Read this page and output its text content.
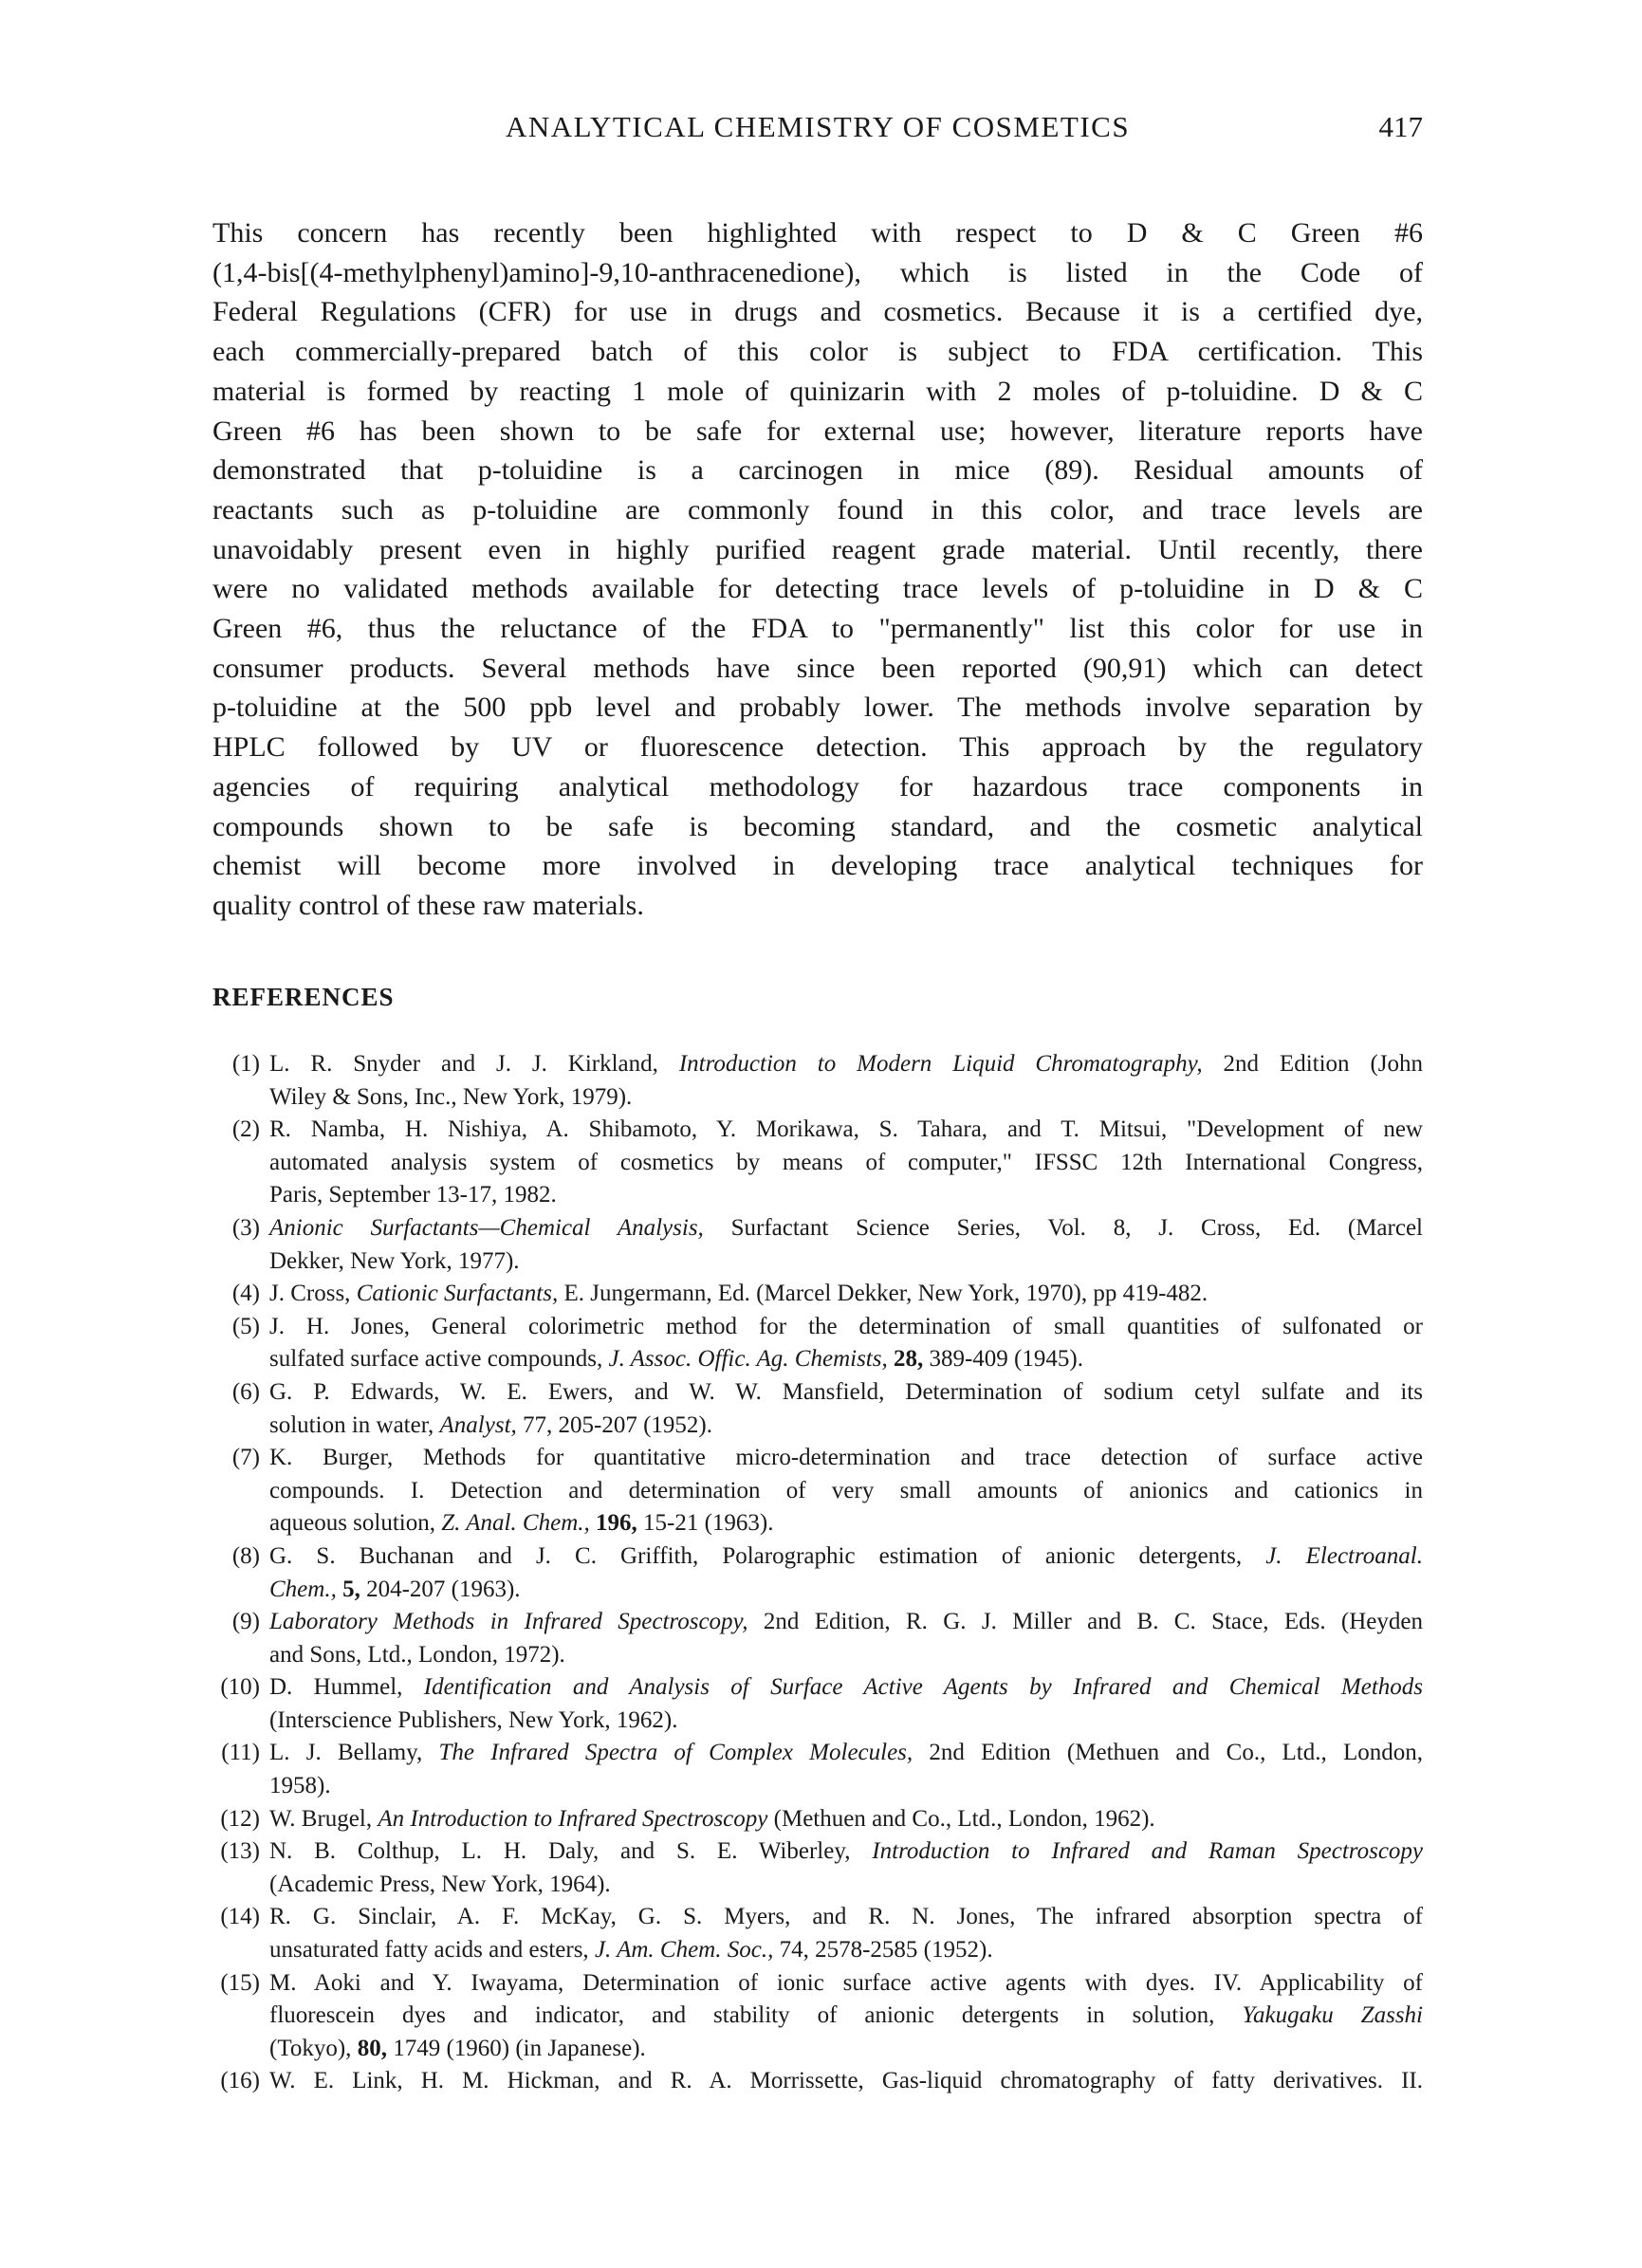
ANALYTICAL CHEMISTRY OF COSMETICS	417
This concern has recently been highlighted with respect to D & C Green #6
(1,4-bis[(4-methylphenyl)amino]-9,10-anthracenedione), which is listed in the Code of
Federal Regulations (CFR) for use in drugs and cosmetics. Because it is a certified dye,
each commercially-prepared batch of this color is subject to FDA certification. This
material is formed by reacting 1 mole of quinizarin with 2 moles of p-toluidine. D & C
Green #6 has been shown to be safe for external use; however, literature reports have
demonstrated that p-toluidine is a carcinogen in mice (89). Residual amounts of
reactants such as p-toluidine are commonly found in this color, and trace levels are
unavoidably present even in highly purified reagent grade material. Until recently, there
were no validated methods available for detecting trace levels of p-toluidine in D & C
Green #6, thus the reluctance of the FDA to "permanently" list this color for use in
consumer products. Several methods have since been reported (90,91) which can detect
p-toluidine at the 500 ppb level and probably lower. The methods involve separation by
HPLC followed by UV or fluorescence detection. This approach by the regulatory
agencies of requiring analytical methodology for hazardous trace components in
compounds shown to be safe is becoming standard, and the cosmetic analytical
chemist will become more involved in developing trace analytical techniques for
quality control of these raw materials.
REFERENCES
(1) L. R. Snyder and J. J. Kirkland, Introduction to Modern Liquid Chromatography, 2nd Edition (John
Wiley & Sons, Inc., New York, 1979).
(2) R. Namba, H. Nishiya, A. Shibamoto, Y. Morikawa, S. Tahara, and T. Mitsui, "Development of new
automated analysis system of cosmetics by means of computer," IFSSC 12th International Congress,
Paris, September 13-17, 1982.
(3) Anionic Surfactants—Chemical Analysis, Surfactant Science Series, Vol. 8, J. Cross, Ed. (Marcel
Dekker, New York, 1977).
(4) J. Cross, Cationic Surfactants, E. Jungermann, Ed. (Marcel Dekker, New York, 1970), pp 419-482.
(5) J. H. Jones, General colorimetric method for the determination of small quantities of sulfonated or
sulfated surface active compounds, J. Assoc. Offic. Ag. Chemists, 28, 389-409 (1945).
(6) G. P. Edwards, W. E. Ewers, and W. W. Mansfield, Determination of sodium cetyl sulfate and its
solution in water, Analyst, 77, 205-207 (1952).
(7) K. Burger, Methods for quantitative micro-determination and trace detection of surface active
compounds. I. Detection and determination of very small amounts of anionics and cationics in
aqueous solution, Z. Anal. Chem., 196, 15-21 (1963).
(8) G. S. Buchanan and J. C. Griffith, Polarographic estimation of anionic detergents, J. Electroanal.
Chem., 5, 204-207 (1963).
(9) Laboratory Methods in Infrared Spectroscopy, 2nd Edition, R. G. J. Miller and B. C. Stace, Eds. (Heyden
and Sons, Ltd., London, 1972).
(10) D. Hummel, Identification and Analysis of Surface Active Agents by Infrared and Chemical Methods
(Interscience Publishers, New York, 1962).
(11) L. J. Bellamy, The Infrared Spectra of Complex Molecules, 2nd Edition (Methuen and Co., Ltd., London,
1958).
(12) W. Brugel, An Introduction to Infrared Spectroscopy (Methuen and Co., Ltd., London, 1962).
(13) N. B. Colthup, L. H. Daly, and S. E. Wiberley, Introduction to Infrared and Raman Spectroscopy
(Academic Press, New York, 1964).
(14) R. G. Sinclair, A. F. McKay, G. S. Myers, and R. N. Jones, The infrared absorption spectra of
unsaturated fatty acids and esters, J. Am. Chem. Soc., 74, 2578-2585 (1952).
(15) M. Aoki and Y. Iwayama, Determination of ionic surface active agents with dyes. IV. Applicability of
fluorescein dyes and indicator, and stability of anionic detergents in solution, Yakugaku Zasshi
(Tokyo), 80, 1749 (1960) (in Japanese).
(16) W. E. Link, H. M. Hickman, and R. A. Morrissette, Gas-liquid chromatography of fatty derivatives. II.
